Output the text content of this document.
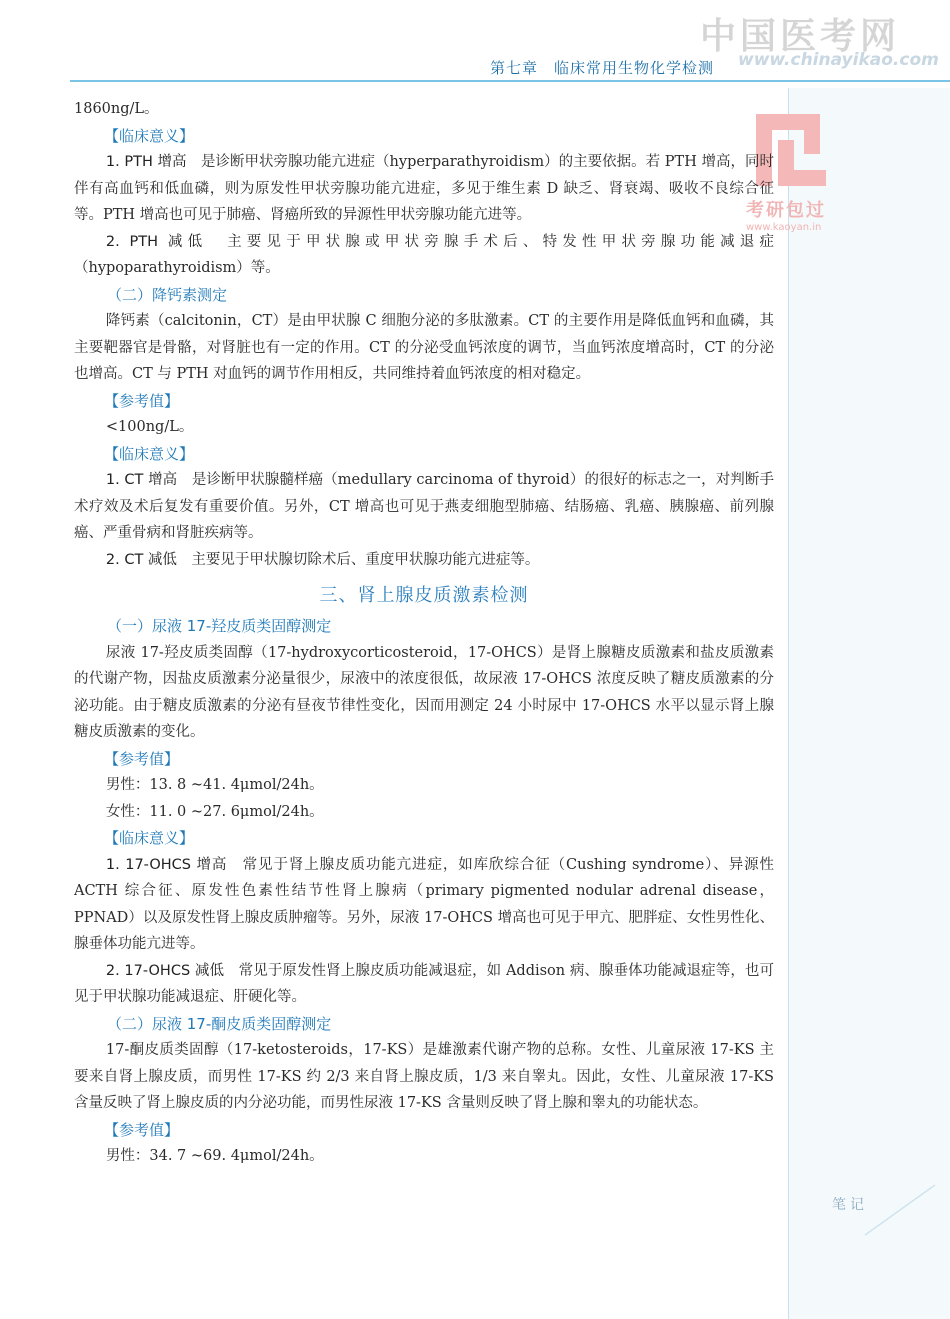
中国医考网
www.chinayikao.com
第七章　临床常用生物化学检测
考研包过
www.kaoyan.in

1860ng/L。

【临床意义】

1. PTH 增高　是诊断甲状旁腺功能亢进症（hyperparathyroidism）的主要依据。若 PTH 增高，同时伴有高血钙和低血磷，则为原发性甲状旁腺功能亢进症，多见于维生素 D 缺乏、肾衰竭、吸收不良综合征等。PTH 增高也可见于肺癌、肾癌所致的异源性甲状旁腺功能亢进等。

2. PTH 减低　主要见于甲状腺或甲状旁腺手术后、特发性甲状旁腺功能减退症（hypoparathyroidism）等。

（二）降钙素测定

降钙素（calcitonin，CT）是由甲状腺 C 细胞分泌的多肽激素。CT 的主要作用是降低血钙和血磷，其主要靶器官是骨骼，对肾脏也有一定的作用。CT 的分泌受血钙浓度的调节，当血钙浓度增高时，CT 的分泌也增高。CT 与 PTH 对血钙的调节作用相反，共同维持着血钙浓度的相对稳定。

【参考值】

<100ng/L。

【临床意义】

1. CT 增高　是诊断甲状腺髓样癌（medullary carcinoma of thyroid）的很好的标志之一，对判断手术疗效及术后复发有重要价值。另外，CT 增高也可见于燕麦细胞型肺癌、结肠癌、乳癌、胰腺癌、前列腺癌、严重骨病和肾脏疾病等。

2. CT 减低　主要见于甲状腺切除术后、重度甲状腺功能亢进症等。

三、肾上腺皮质激素检测

（一）尿液 17-羟皮质类固醇测定

尿液 17-羟皮质类固醇（17-hydroxycorticosteroid，17-OHCS）是肾上腺糖皮质激素和盐皮质激素的代谢产物，因盐皮质激素分泌量很少，尿液中的浓度很低，故尿液 17-OHCS 浓度反映了糖皮质激素的分泌功能。由于糖皮质激素的分泌有昼夜节律性变化，因而用测定 24 小时尿中 17-OHCS 水平以显示肾上腺糖皮质激素的变化。

【参考值】

男性：13. 8 ~41. 4μmol/24h。

女性：11. 0 ~27. 6μmol/24h。

【临床意义】

1. 17-OHCS 增高　常见于肾上腺皮质功能亢进症，如库欣综合征（Cushing syndrome）、异源性 ACTH 综合征、原发性色素性结节性肾上腺病（primary pigmented nodular adrenal disease，PPNAD）以及原发性肾上腺皮质肿瘤等。另外，尿液 17-OHCS 增高也可见于甲亢、肥胖症、女性男性化、腺垂体功能亢进等。

2. 17-OHCS 减低　常见于原发性肾上腺皮质功能减退症，如 Addison 病、腺垂体功能减退症等，也可见于甲状腺功能减退症、肝硬化等。

（二）尿液 17-酮皮质类固醇测定

17-酮皮质类固醇（17-ketosteroids，17-KS）是雄激素代谢产物的总称。女性、儿童尿液 17-KS 主要来自肾上腺皮质，而男性 17-KS 约 2/3 来自肾上腺皮质，1/3 来自睾丸。因此，女性、儿童尿液 17-KS 含量反映了肾上腺皮质的内分泌功能，而男性尿液 17-KS 含量则反映了肾上腺和睾丸的功能状态。

【参考值】

男性：34. 7 ~69. 4μmol/24h。

笔记
